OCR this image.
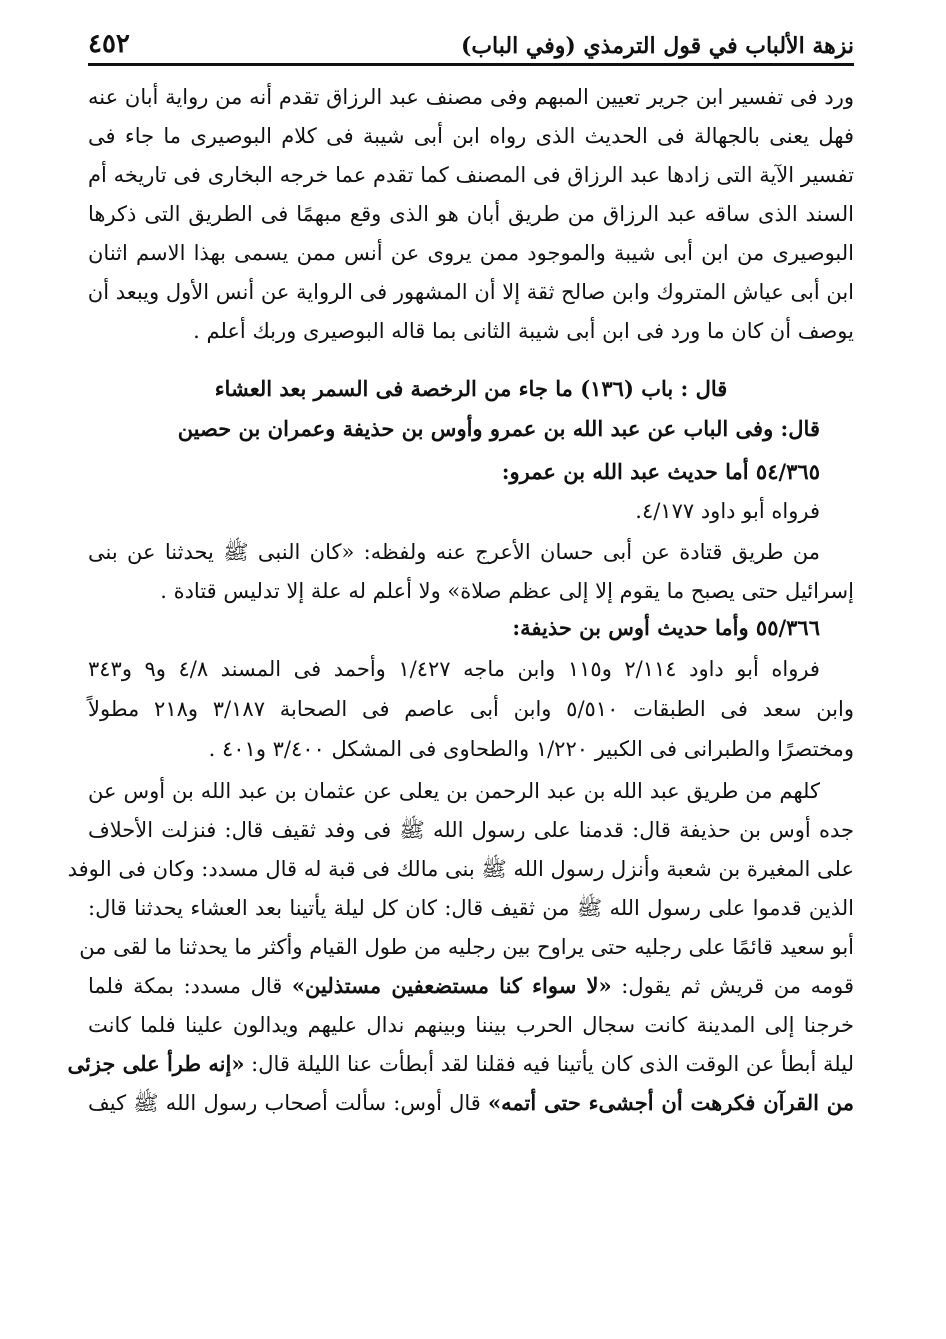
نزهة الألباب في قول الترمذي (وفي الباب)
٤٥٢
ورد فى تفسير ابن جرير تعيين المبهم وفى مصنف عبد الرزاق تقدم أنه من رواية أبان عنه
فهل يعنى بالجهالة فى الحديث الذى رواه ابن أبى شيبة فى كلام البوصيرى ما جاء فى
تفسير الآية التى زادها عبد الرزاق فى المصنف كما تقدم عما خرجه البخارى فى تاريخه أم
السند الذى ساقه عبد الرزاق من طريق أبان هو الذى وقع مبهمًا فى الطريق التى ذكرها
البوصيرى من ابن أبى شيبة والموجود ممن يروى عن أنس ممن يسمى بهذا الاسم اثنان
ابن أبى عياش المتروك وابن صالح ثقة إلا أن المشهور فى الرواية عن أنس الأول ويبعد أن
يوصف أن كان ما ورد فى ابن أبى شيبة الثانى بما قاله البوصيرى وربك أعلم .
قال : باب (١٣٦) ما جاء من الرخصة فى السمر بعد العشاء
قال: وفى الباب عن عبد الله بن عمرو وأوس بن حذيفة وعمران بن حصين
٥٤/٣٦٥ أما حديث عبد الله بن عمرو:
فرواه أبو داود ٤/١٧٧.
من طريق قتادة عن أبى حسان الأعرج عنه ولفظه: «كان النبى ﷺ يحدثنا عن بنى
إسرائيل حتى يصبح ما يقوم إلا إلى عظم صلاة» ولا أعلم له علة إلا تدليس قتادة .
٥٥/٣٦٦ وأما حديث أوس بن حذيفة:
فرواه أبو داود ٢/١١٤ و١١٥ وابن ماجه ١/٤٢٧ وأحمد فى المسند ٤/٨ و٩ و٣٤٣
وابن سعد فى الطبقات ٥/٥١٠ وابن أبى عاصم فى الصحابة ٣/١٨٧ و٢١٨ مطولاً
ومختصرًا والطبرانى فى الكبير ١/٢٢٠ والطحاوى فى المشكل ٣/٤٠٠ و٤٠١ .
كلهم من طريق عبد الله بن عبد الرحمن بن يعلى عن عثمان بن عبد الله بن أوس عن
جده أوس بن حذيفة قال: قدمنا على رسول الله ﷺ فى وفد ثقيف قال: فنزلت الأحلاف
على المغيرة بن شعبة وأنزل رسول الله ﷺ بنى مالك فى قبة له قال مسدد: وكان فى الوفد
الذين قدموا على رسول الله ﷺ من ثقيف قال: كان كل ليلة يأتينا بعد العشاء يحدثنا قال:
أبو سعيد قائمًا على رجليه حتى يراوح بين رجليه من طول القيام وأكثر ما يحدثنا ما لقى من
قومه من قريش ثم يقول: «لا سواء كنا مستضعفين مستذلين» قال مسدد: بمكة فلما
خرجنا إلى المدينة كانت سجال الحرب بيننا وبينهم ندال عليهم ويدالون علينا فلما كانت
ليلة أبطأ عن الوقت الذى كان يأتينا فيه فقلنا لقد أبطأت عنا الليلة قال: «إنه طرأ على جزئى
من القرآن فكرهت أن أجشىء حتى أتمه» قال أوس: سألت أصحاب رسول الله ﷺ كيف
